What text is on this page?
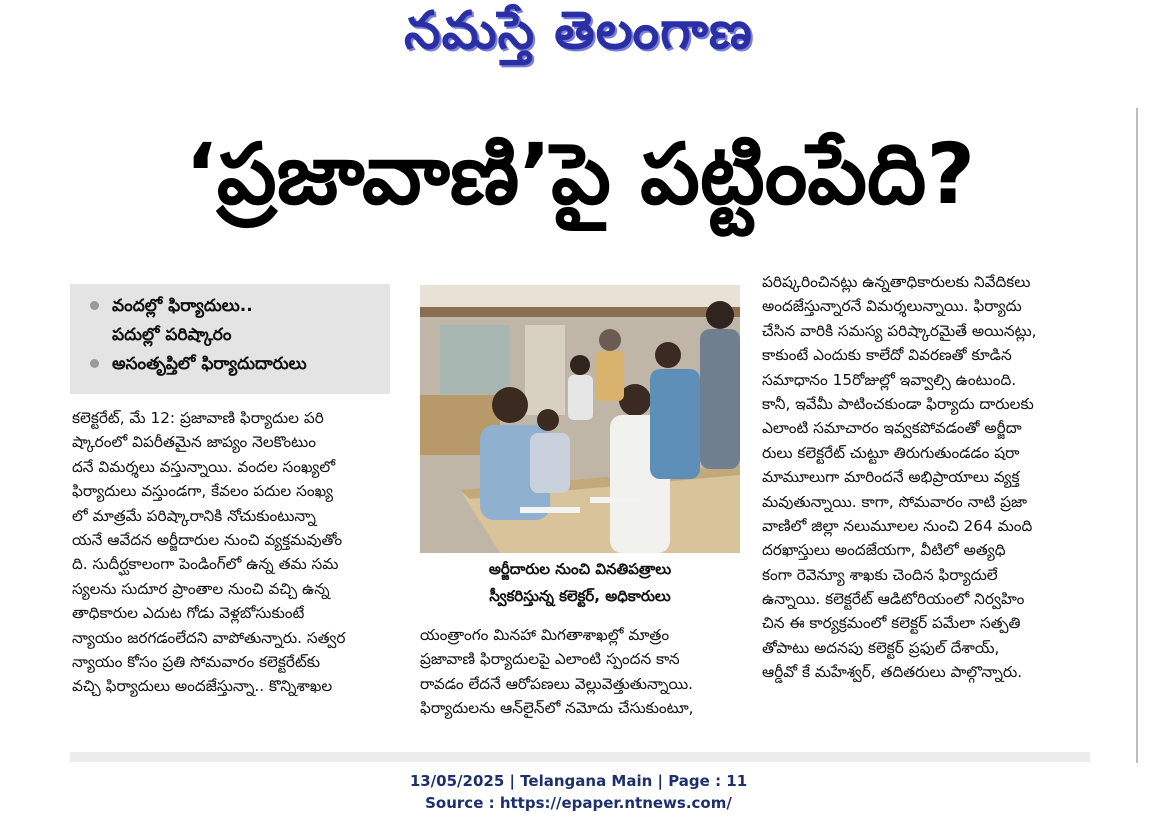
నమస్తే తెలంగాణ
‘ప్రజావాణి’పై పట్టింపేది?
వందల్లో ఫిర్యాదులు..
పదుల్లో పరిష్కారం
అసంతృప్తిలో ఫిర్యాదుదారులు
కలెక్టరేట్, మే 12: ప్రజావాణి ఫిర్యాదుల పరి
ష్కారంలో విపరీతమైన జాప్యం నెలకొంటుం
దనే విమర్శలు వస్తున్నాయి. వందల సంఖ్యలో
ఫిర్యాదులు వస్తుండగా, కేవలం పదుల సంఖ్య
లో మాత్రమే పరిష్కారానికి నోచుకుంటున్నా
యనే ఆవేదన అర్జీదారుల నుంచి వ్యక్తమవుతోం
ది. సుదీర్ఘకాలంగా పెండింగ్‌లో ఉన్న తమ సమ
స్యలను సుదూర ప్రాంతాల నుంచి వచ్చి ఉన్న
తాధికారుల ఎదుట గోడు వెళ్లబోసుకుంటే
న్యాయం జరగడంలేదని వాపోతున్నారు. సత్వర
న్యాయం కోసం ప్రతి సోమవారం కలెక్టరేట్‌కు
వచ్చి ఫిర్యాదులు అందజేస్తున్నా.. కొన్నిశాఖల
అర్జీదారుల నుంచి వినతిపత్రాలు
స్వీకరిస్తున్న కలెక్టర్, అధికారులు
యంత్రాంగం మినహా మిగతాశాఖల్లో మాత్రం
ప్రజావాణి ఫిర్యాదులపై ఎలాంటి స్పందన కాన
రావడం లేదనే ఆరోపణలు వెల్లువెత్తుతున్నాయి.
ఫిర్యాదులను ఆన్‌లైన్‌లో నమోదు చేసుకుంటూ,
పరిష్కరించినట్లు ఉన్నతాధికారులకు నివేదికలు
అందజేస్తున్నారనే విమర్శలున్నాయి. ఫిర్యాదు
చేసిన వారికి సమస్య పరిష్కారమైతే అయినట్లు,
కాకుంటే ఎందుకు కాలేదో వివరణతో కూడిన
సమాధానం 15రోజుల్లో ఇవ్వాల్సి ఉంటుంది.
కానీ, ఇవేమీ పాటించకుండా ఫిర్యాదు దారులకు
ఎలాంటి సమాచారం ఇవ్వకపోవడంతో అర్జీదా
రులు కలెక్టరేట్ చుట్టూ తిరుగుతుండడం షరా
మామూలుగా మారిందనే అభిప్రాయాలు వ్యక్త
మవుతున్నాయి. కాగా, సోమవారం నాటి ప్రజా
వాణిలో జిల్లా నలుమూలల నుంచి 264 మంది
దరఖాస్తులు అందజేయగా, వీటిలో అత్యధి
కంగా రెవెన్యూ శాఖకు చెందిన ఫిర్యాదులే
ఉన్నాయి. కలెక్టరేట్ ఆడిటోరియంలో నిర్వహిం
చిన ఈ కార్యక్రమంలో కలెక్టర్ పమేలా సత్పతి
తోపాటు అదనపు కలెక్టర్ ప్రఫుల్ దేశాయ్,
ఆర్డీవో కే మహేశ్వర్, తదితరులు పాల్గొన్నారు.
13/05/2025 | Telangana Main | Page : 11
Source : https://epaper.ntnews.com/
